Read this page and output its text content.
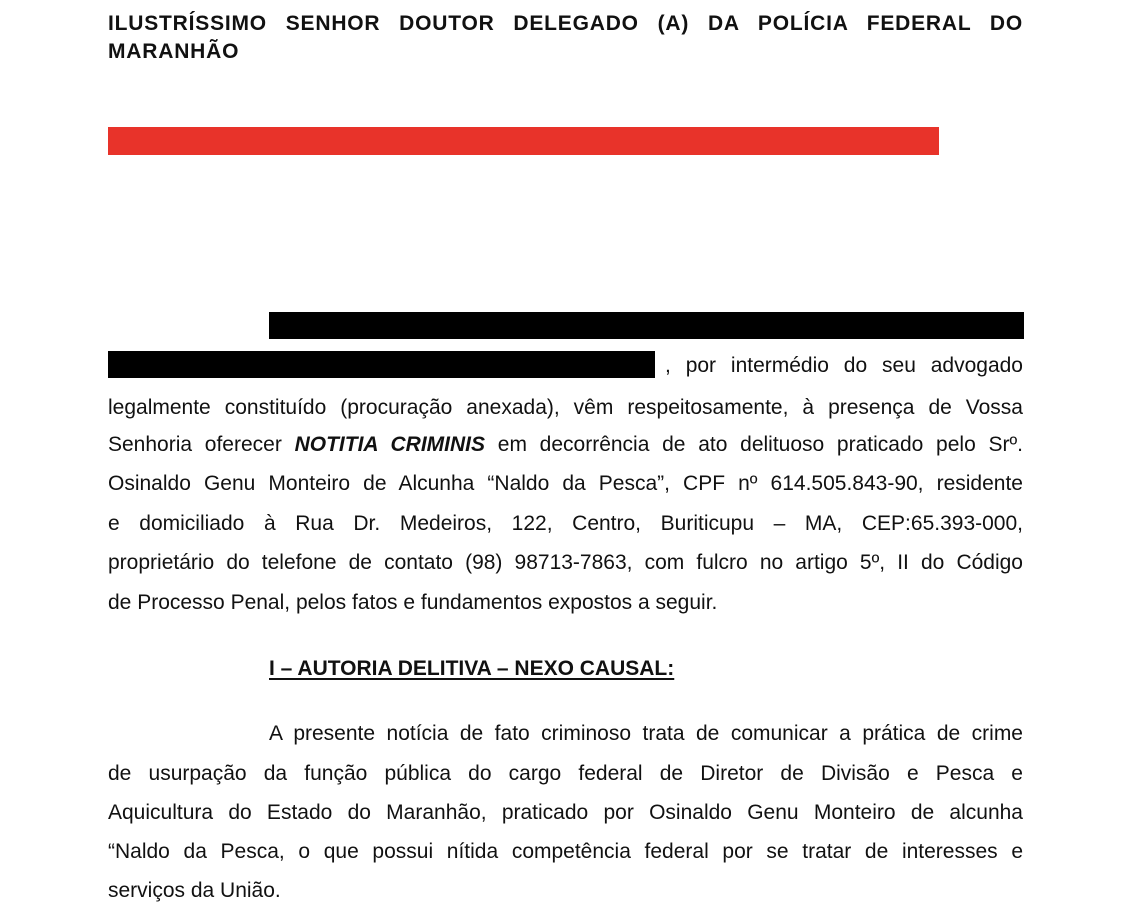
ILUSTRÍSSIMO SENHOR DOUTOR DELEGADO (A) DA POLÍCIA FEDERAL DO MARANHÃO
, por intermédio do seu advogado
legalmente constituído (procuração anexada), vêm respeitosamente, à presença de Vossa
Senhoria oferecer NOTITIA CRIMINIS em decorrência de ato delituoso praticado pelo Srº.
Osinaldo Genu Monteiro de Alcunha “Naldo da Pesca”, CPF nº 614.505.843-90, residente
e domiciliado à Rua Dr. Medeiros, 122, Centro, Buriticupu – MA, CEP:65.393-000,
proprietário do telefone de contato (98) 98713-7863, com fulcro no artigo 5º, II do Código
de Processo Penal, pelos fatos e fundamentos expostos a seguir.
I – AUTORIA DELITIVA – NEXO CAUSAL:
A presente notícia de fato criminoso trata de comunicar a prática de crime
de usurpação da função pública do cargo federal de Diretor de Divisão e Pesca e
Aquicultura do Estado do Maranhão, praticado por Osinaldo Genu Monteiro de alcunha
“Naldo da Pesca, o que possui nítida competência federal por se tratar de interesses e
serviços da União.
